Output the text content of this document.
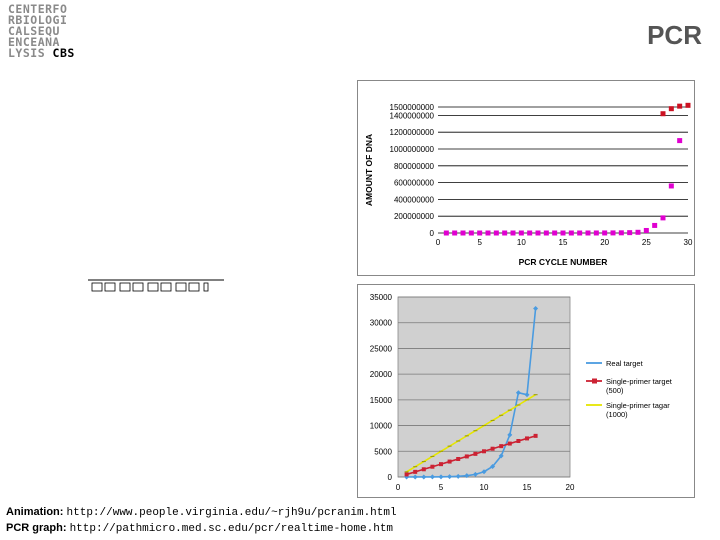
CENTERFO
RBIOLOGI
CALSEQU
ENCEANA
LYSIS CBS
PCR
0
200000000
400000000
600000000
800000000
1000000000
1200000000
1400000000
1500000000
0	5	10	15	20	25	30
PCR CYCLE NUMBER
AMOUNT OF DNA
0
5000
10000
15000
20000
25000
30000
35000
0	5	10	15	20
Real target
Single-primer target
(500)
Single-primer tagar
(1000)
Animation: http://www.people.virginia.edu/~rjh9u/pcranim.html
PCR graph: http://pathmicro.med.sc.edu/pcr/realtime-home.htm
